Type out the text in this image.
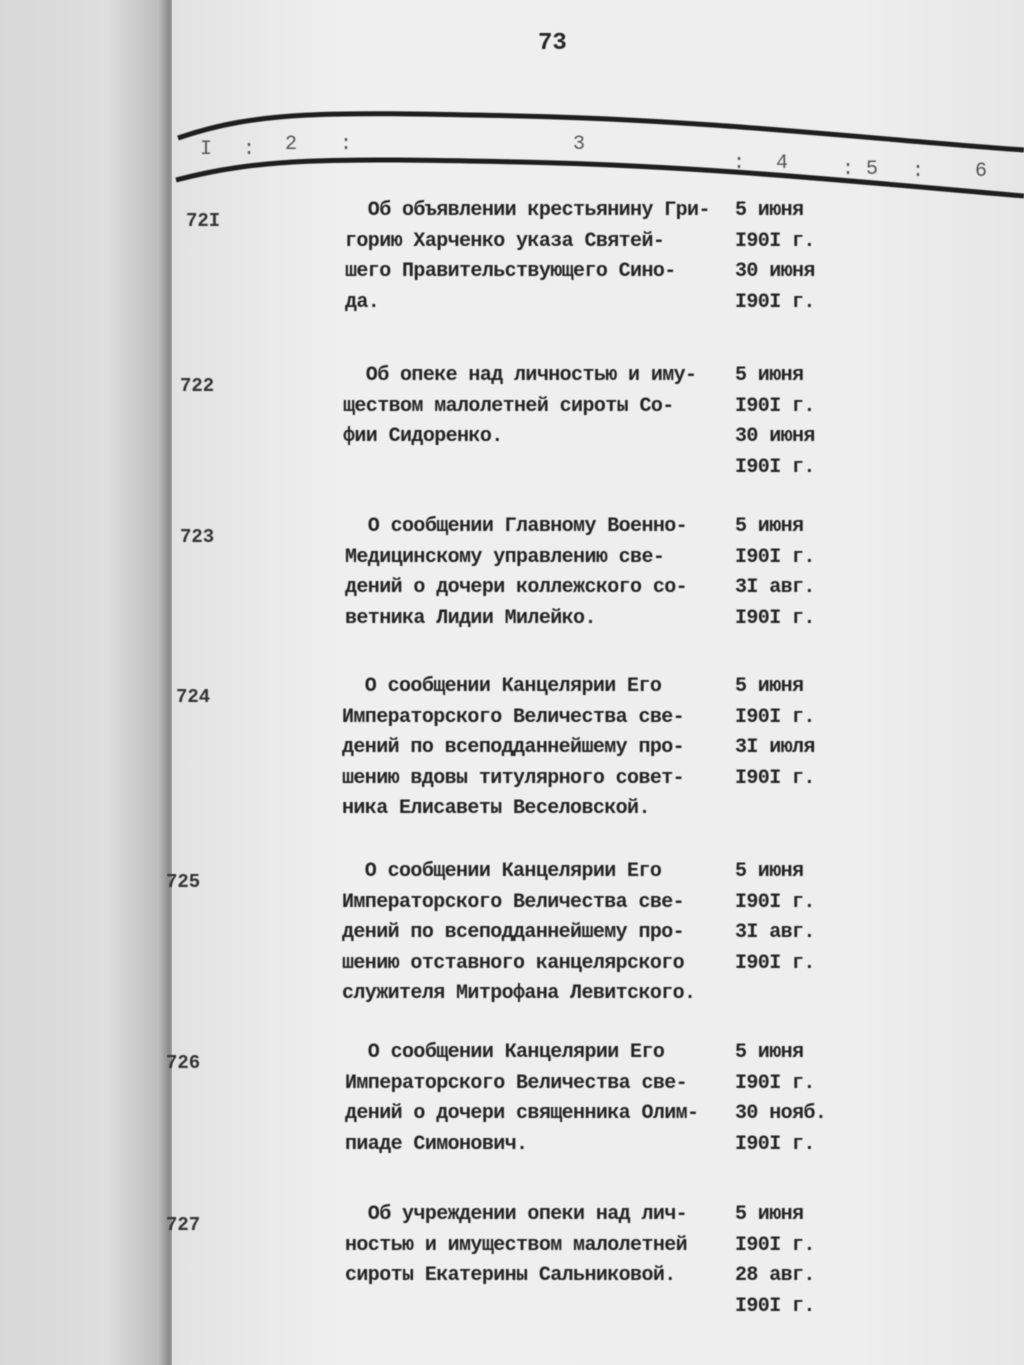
73
I : 2 :	3
: 4	: 5 :	6
72I	Об объявлении крестьянину Гри-
горию Харченко указа Святей-
шего Правительствующего Сино-
да.
5 июня
I90I г.
30 июня
I90I г.
722	Об опеке над личностью и иму-
ществом малолетней сироты Со-
фии Сидоренко.
5 июня
I90I г.
30 июня
I90I г.
723	О сообщении Главному Военно-
Медицинскому управлению све-
дений о дочери коллежского со-
ветника Лидии Милейко.
5 июня
I90I г.
3I авг.
I90I г.
724	О сообщении Канцелярии Его
Императорского Величества све-
дений по всеподданнейшему про-
шению вдовы титулярного совет-
ника Елисаветы Веселовской.
5 июня
I90I г.
3I июля
I90I г.
725	О сообщении Канцелярии Его
Императорского Величества све-
дений по всеподданнейшему про-
шению отставного канцелярского
служителя Митрофана Левитского.
5 июня
I90I г.
3I авг.
I90I г.
726	О сообщении Канцелярии Его
Императорского Величества све-
дений о дочери священника Олим-
пиаде Симонович.
5 июня
I90I г.
30 нояб.
I90I г.
727	Об учреждении опеки над лич-
ностью и имуществом малолетней
сироты Екатерины Сальниковой.
5 июня
I90I г.
28 авг.
I90I г.
